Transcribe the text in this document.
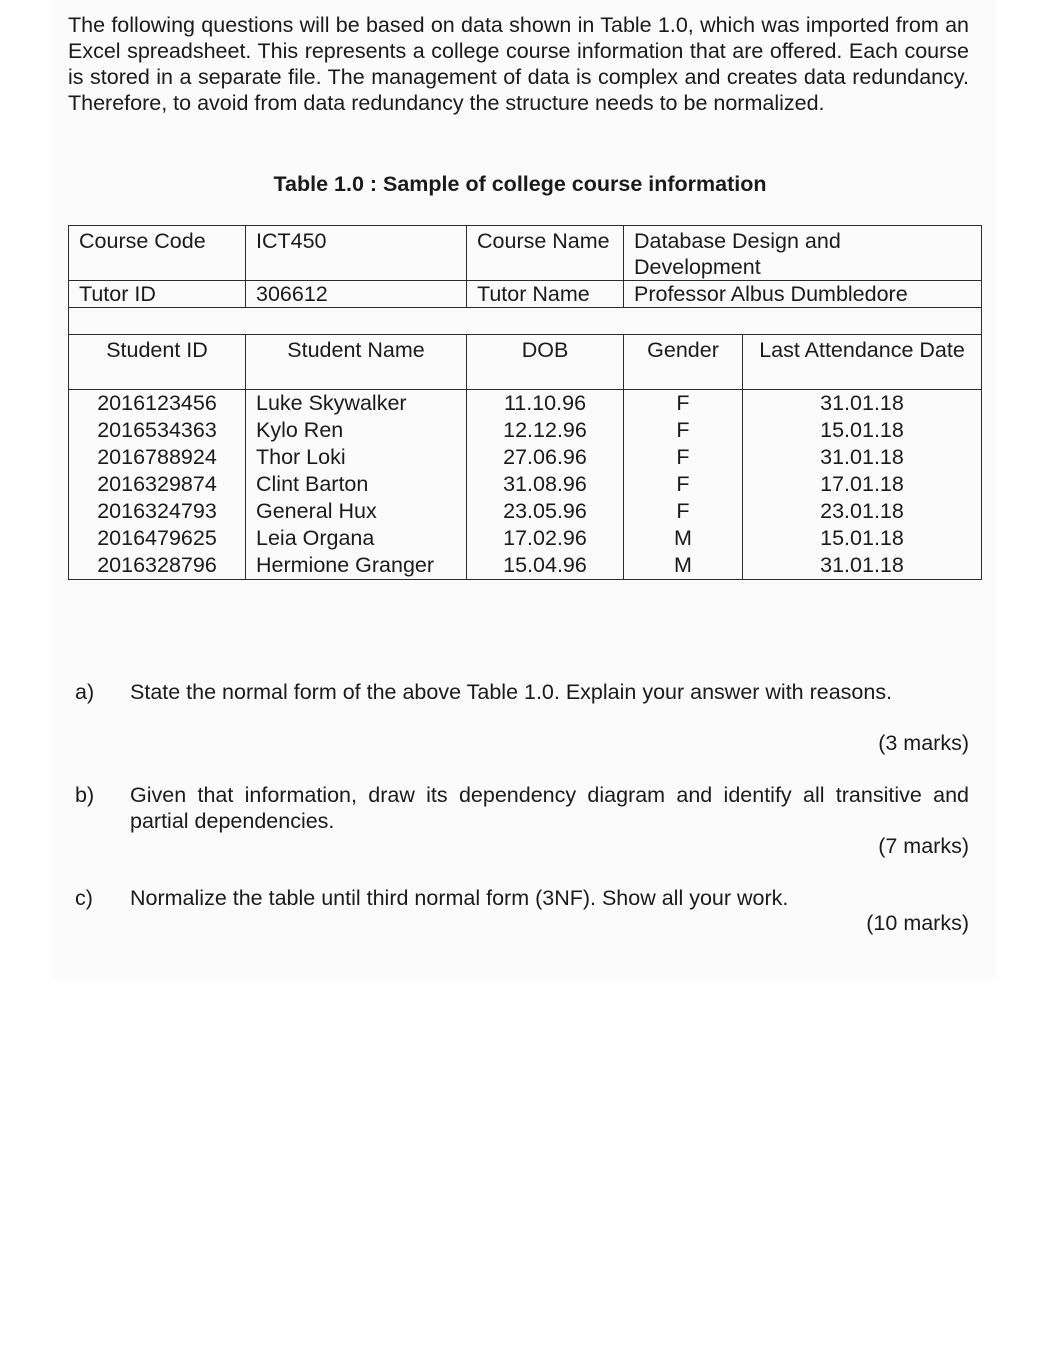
The following questions will be based on data shown in Table 1.0, which was imported from an Excel spreadsheet. This represents a college course information that are offered. Each course is stored in a separate file. The management of data is complex and creates data redundancy. Therefore, to avoid from data redundancy the structure needs to be normalized.

Table 1.0 : Sample of college course information

Course Code	ICT450	Course Name	Database Design and Development	
Tutor ID	306612	Tutor Name	Professor Albus Dumbledore	

Student ID	Student Name	DOB	Gender	Last Attendance Date
2016123456	Luke Skywalker	11.10.96	F	31.01.18
2016534363	Kylo Ren	12.12.96	F	15.01.18
2016788924	Thor Loki	27.06.96	F	31.01.18
2016329874	Clint Barton	31.08.96	F	17.01.18
2016324793	General Hux	23.05.96	F	23.01.18
2016479625	Leia Organa	17.02.96	M	15.01.18
2016328796	Hermione Granger	15.04.96	M	31.01.18
a) State the normal form of the above Table 1.0. Explain your answer with reasons.
(3 marks)
b) Given that information, draw its dependency diagram and identify all transitive and partial dependencies.
(7 marks)
c) Normalize the table until third normal form (3NF). Show all your work.
(10 marks)
